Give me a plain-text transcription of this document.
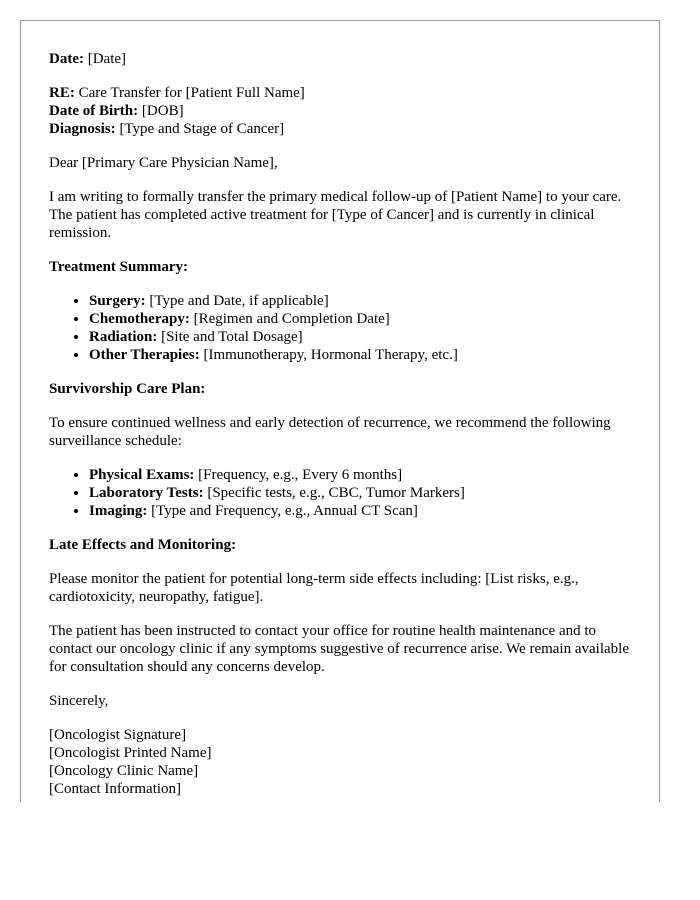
Date: [Date]
RE: Care Transfer for [Patient Full Name]
Date of Birth: [DOB]
Diagnosis: [Type and Stage of Cancer]

Dear [Primary Care Physician Name],

I am writing to formally transfer the primary medical follow-up of [Patient Name] to your care. The patient has completed active treatment for [Type of Cancer] and is currently in clinical remission.

Treatment Summary:

• Surgery: [Type and Date, if applicable]
• Chemotherapy: [Regimen and Completion Date]
• Radiation: [Site and Total Dosage]
• Other Therapies: [Immunotherapy, Hormonal Therapy, etc.]

Survivorship Care Plan:

To ensure continued wellness and early detection of recurrence, we recommend the following surveillance schedule:

• Physical Exams: [Frequency, e.g., Every 6 months]
• Laboratory Tests: [Specific tests, e.g., CBC, Tumor Markers]
• Imaging: [Type and Frequency, e.g., Annual CT Scan]

Late Effects and Monitoring:

Please monitor the patient for potential long-term side effects including: [List risks, e.g., cardiotoxicity, neuropathy, fatigue].

The patient has been instructed to contact your office for routine health maintenance and to contact our oncology clinic if any symptoms suggestive of recurrence arise. We remain available for consultation should any concerns develop.

Sincerely,

[Oncologist Signature]
[Oncologist Printed Name]
[Oncology Clinic Name]
[Contact Information]
